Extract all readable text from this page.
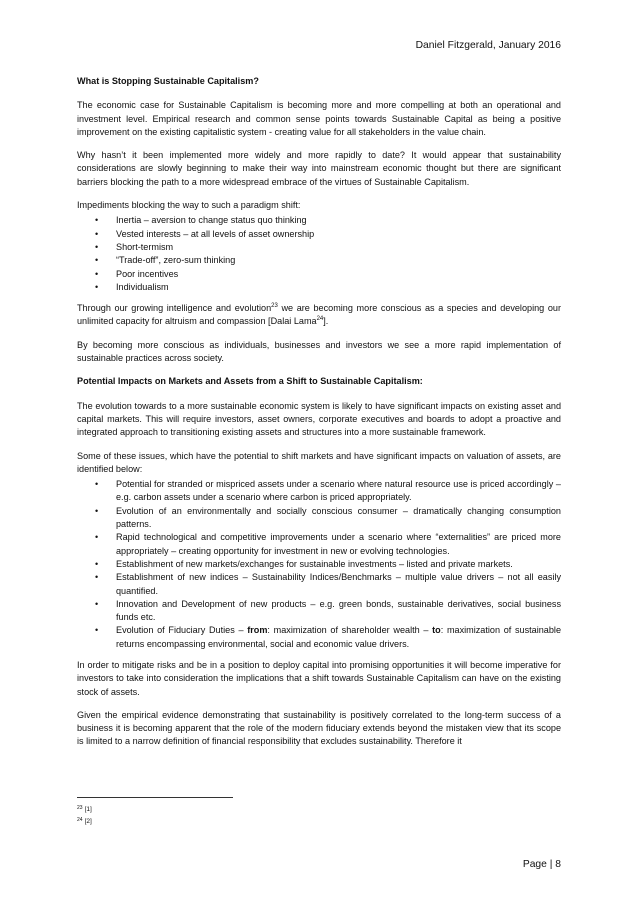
Daniel Fitzgerald, January 2016
What is Stopping Sustainable Capitalism?

The economic case for Sustainable Capitalism is becoming more and more compelling at both an operational and investment level. Empirical research and common sense points towards Sustainable Capital as being a positive improvement on the existing capitalistic system - creating value for all stakeholders in the value chain.

Why hasn’t it been implemented more widely and more rapidly to date? It would appear that sustainability considerations are slowly beginning to make their way into mainstream economic thought but there are significant barriers blocking the path to a more widespread embrace of the virtues of Sustainable Capitalism.

Impediments blocking the way to such a paradigm shift:

• Inertia – aversion to change status quo thinking
• Vested interests – at all levels of asset ownership
• Short-termism
• “Trade-off”, zero-sum thinking
• Poor incentives
• Individualism

Through our growing intelligence and evolution$^{23}$ we are becoming more conscious as a species and developing our unlimited capacity for altruism and compassion [Dalai Lama$^{24}$].

By becoming more conscious as individuals, businesses and investors we see a more rapid implementation of sustainable practices across society.

Potential Impacts on Markets and Assets from a Shift to Sustainable Capitalism:

The evolution towards to a more sustainable economic system is likely to have significant impacts on existing asset and capital markets. This will require investors, asset owners, corporate executives and boards to adopt a proactive and integrated approach to transitioning existing assets and structures into a more sustainable framework.

Some of these issues, which have the potential to shift markets and have significant impacts on valuation of assets, are identified below:

• Potential for stranded or mispriced assets under a scenario where natural resource use is priced accordingly – e.g. carbon assets under a scenario where carbon is priced appropriately.
• Evolution of an environmentally and socially conscious consumer – dramatically changing consumption patterns.
• Rapid technological and competitive improvements under a scenario where “externalities” are priced more appropriately – creating opportunity for investment in new or evolving technologies.
• Establishment of new markets/exchanges for sustainable investments – listed and private markets.
• Establishment of new indices – Sustainability Indices/Benchmarks – multiple value drivers – not all easily quantified.
• Innovation and Development of new products – e.g. green bonds, sustainable derivatives, social business funds etc.
• Evolution of Fiduciary Duties – from: maximization of shareholder wealth – to: maximization of sustainable returns encompassing environmental, social and economic value drivers.

In order to mitigate risks and be in a position to deploy capital into promising opportunities it will become imperative for investors to take into consideration the implications that a shift towards Sustainable Capitalism can have on the existing stock of assets.

Given the empirical evidence demonstrating that sustainability is positively correlated to the long-term success of a business it is becoming apparent that the role of the modern fiduciary extends beyond the mistaken view that its scope is limited to a narrow definition of financial responsibility that excludes sustainability. Therefore it

$^{23}$ [1]
$^{24}$ [2]
Page | 8
